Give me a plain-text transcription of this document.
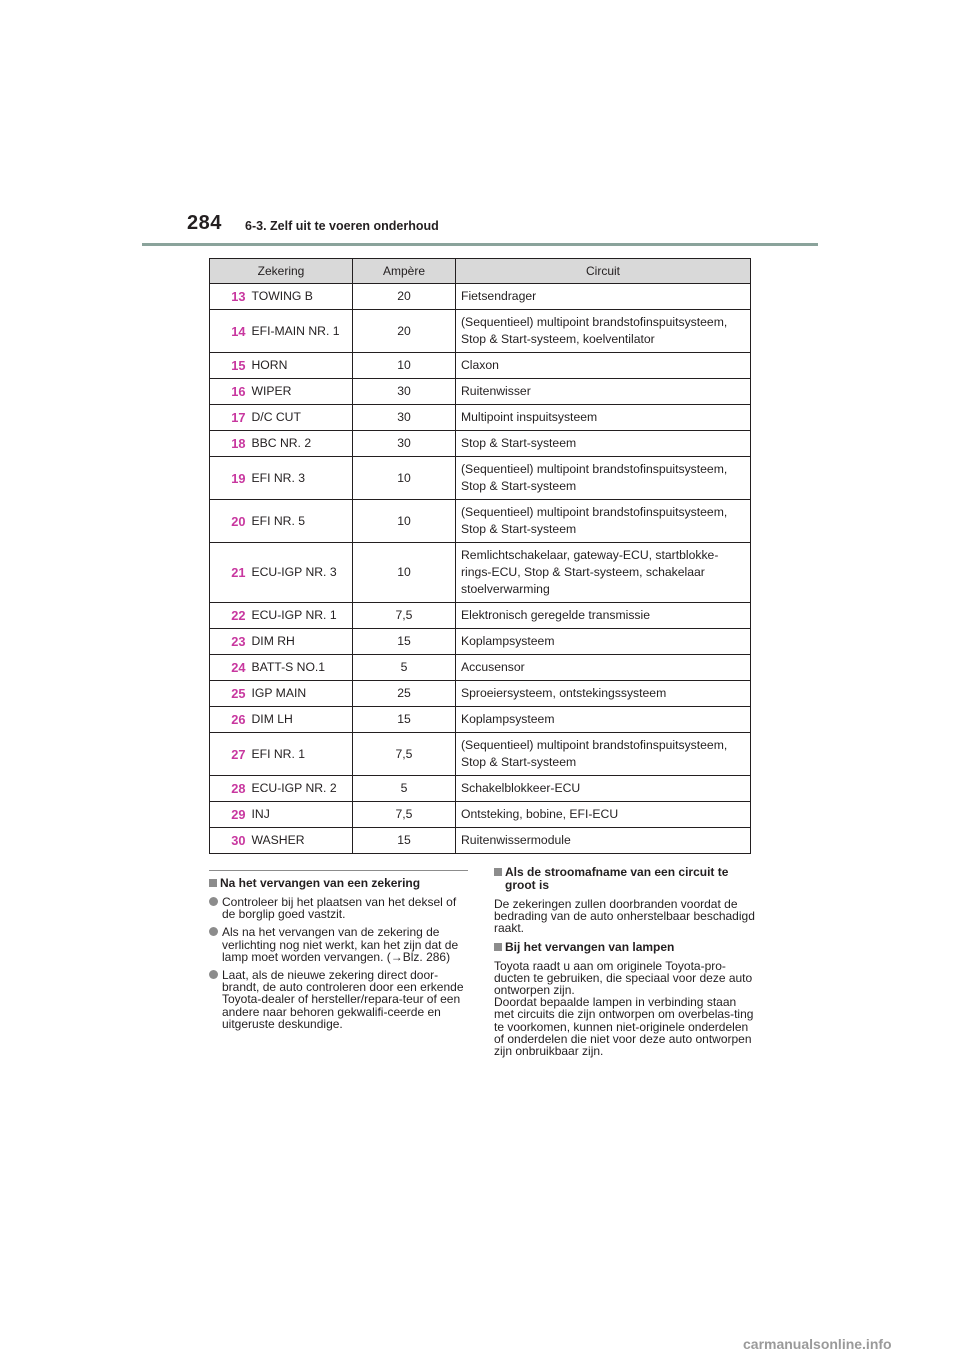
284 6-3. Zelf uit te voeren onderhoud
Zekering		Ampère	Circuit
13	TOWING B	20	Fietsendrager
14	EFI-MAIN NR. 1	20	(Sequentieel) multipoint brandstofinspuitsysteem, Stop & Start-systeem, koelventilator
15	HORN	10	Claxon
16	WIPER	30	Ruitenwisser
17	D/C CUT	30	Multipoint inspuitsysteem
18	BBC NR. 2	30	Stop & Start-systeem
19	EFI NR. 3	10	(Sequentieel) multipoint brandstofinspuitsysteem, Stop & Start-systeem
20	EFI NR. 5	10	(Sequentieel) multipoint brandstofinspuitsysteem, Stop & Start-systeem
21	ECU-IGP NR. 3	10	Remlichtschakelaar, gateway-ECU, startblokke-rings-ECU, Stop & Start-systeem, schakelaar stoelverwarming
22	ECU-IGP NR. 1	7,5	Elektronisch geregelde transmissie
23	DIM RH	15	Koplampsysteem
24	BATT-S NO.1	5	Accusensor
25	IGP MAIN	25	Sproeiersysteem, ontstekingssysteem
26	DIM LH	15	Koplampsysteem
27	EFI NR. 1	7,5	(Sequentieel) multipoint brandstofinspuitsysteem, Stop & Start-systeem
28	ECU-IGP NR. 2	5	Schakelblokkeer-ECU
29	INJ	7,5	Ontsteking, bobine, EFI-ECU
30	WASHER	15	Ruitenwissermodule
Na het vervangen van een zekering
Controleer bij het plaatsen van het deksel of de borglip goed vastzit.
Als na het vervangen van de zekering de verlichting nog niet werkt, kan het zijn dat de lamp moet worden vervangen. (→Blz. 286)
Laat, als de nieuwe zekering direct door-brandt, de auto controleren door een erkende Toyota-dealer of hersteller/repara-teur of een andere naar behoren gekwalifi-ceerde en uitgeruste deskundige.
Als de stroomafname van een circuit te groot is
De zekeringen zullen doorbranden voordat de bedrading van de auto onherstelbaar beschadigd raakt.
Bij het vervangen van lampen
Toyota raadt u aan om originele Toyota-pro-ducten te gebruiken, die speciaal voor deze auto ontworpen zijn.
Doordat bepaalde lampen in verbinding staan met circuits die zijn ontworpen om overbelas-ting te voorkomen, kunnen niet-originele onderdelen of onderdelen die niet voor deze auto ontworpen zijn onbruikbaar zijn.
carmanualsonline.info
